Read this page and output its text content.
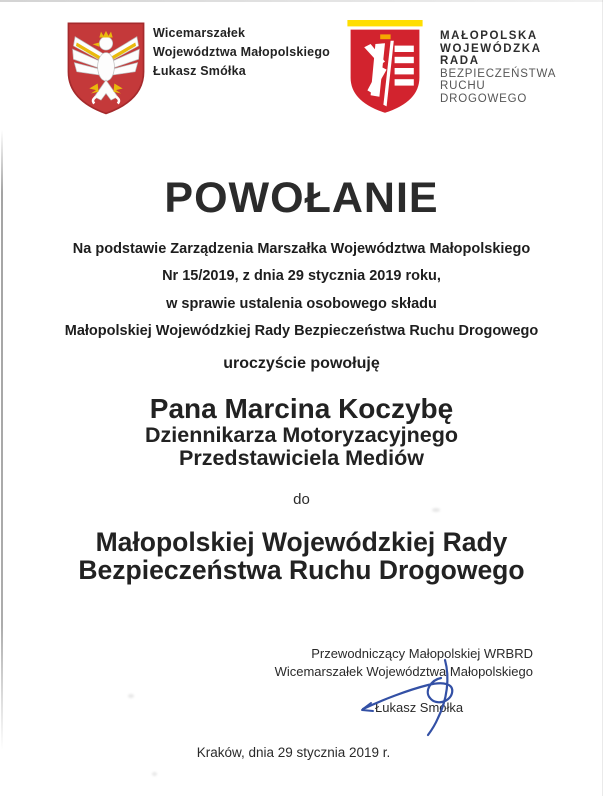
Wicemarszałek
Województwa Małopolskiego
Łukasz Smółka
MAŁOPOLSKA
WOJEWÓDZKA
RADA
BEZPIECZEŃSTWA
RUCHU
DROGOWEGO
POWOŁANIE
Na podstawie Zarządzenia Marszałka Województwa Małopolskiego
Nr 15/2019, z dnia 29 stycznia 2019 roku,
w sprawie ustalenia osobowego składu
Małopolskiej Wojewódzkiej Rady Bezpieczeństwa Ruchu Drogowego
uroczyście powołuję
Pana Marcina Koczybę
Dziennikarza Motoryzacyjnego
Przedstawiciela Mediów
do
Małopolskiej Wojewódzkiej Rady
Bezpieczeństwa Ruchu Drogowego
Przewodniczący Małopolskiej WRBRD
Wicemarszałek Województwa Małopolskiego
Łukasz Smółka
Kraków, dnia 29 stycznia 2019 r.
